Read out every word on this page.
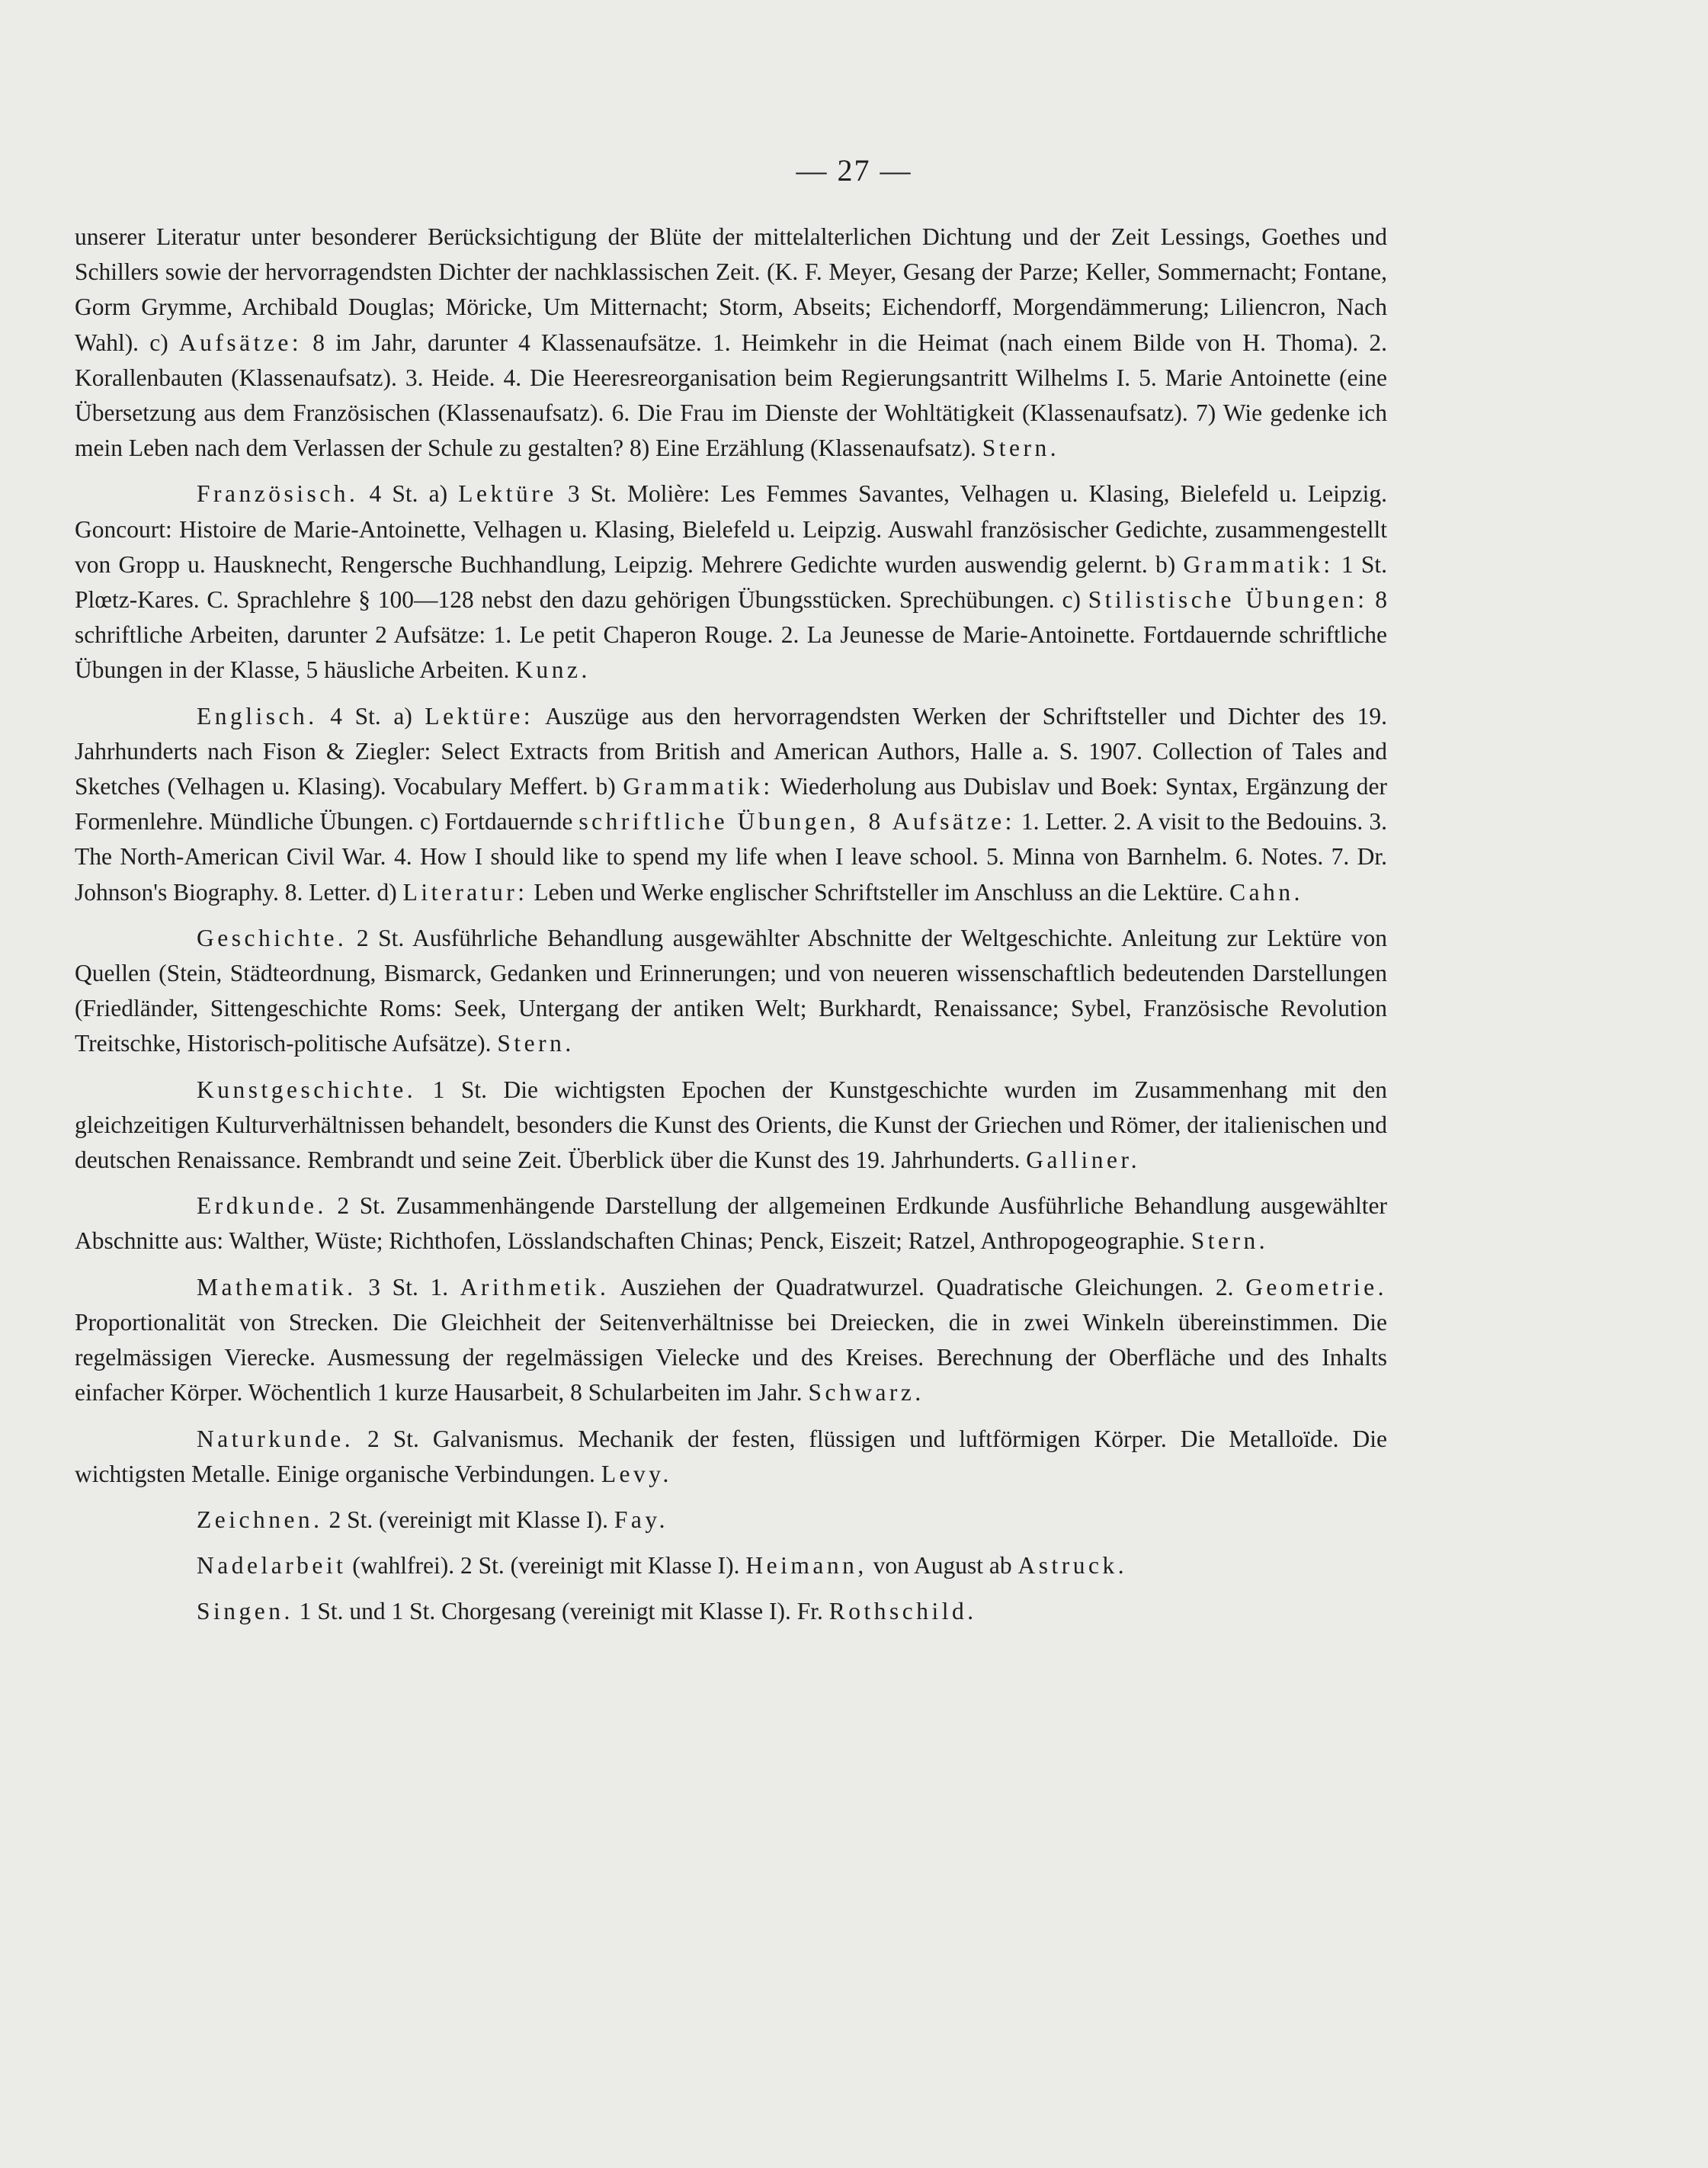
— 27 —

unserer Literatur unter besonderer Berücksichtigung der Blüte der mittelalterlichen Dichtung und der Zeit Lessings, Goethes und Schillers sowie der hervorragendsten Dichter der nachklassischen Zeit. (K. F. Meyer, Gesang der Parze; Keller, Sommernacht; Fontane, Gorm Grymme, Archibald Douglas; Möricke, Um Mitternacht; Storm, Abseits; Eichendorff, Morgendämmerung; Liliencron, Nach Wahl). c) Aufsätze: 8 im Jahr, darunter 4 Klassenaufsätze. 1. Heimkehr in die Heimat (nach einem Bilde von H. Thoma). 2. Korallenbauten (Klassenaufsatz). 3. Heide. 4. Die Heeresreorganisation beim Regierungsantritt Wilhelms I. 5. Marie Antoinette (eine Übersetzung aus dem Französischen (Klassenaufsatz). 6. Die Frau im Dienste der Wohltätigkeit (Klassenaufsatz). 7) Wie gedenke ich mein Leben nach dem Verlassen der Schule zu gestalten? 8) Eine Erzählung (Klassenaufsatz). Stern.

Französisch. 4 St. a) Lektüre 3 St. Molière: Les Femmes Savantes, Velhagen u. Klasing, Bielefeld u. Leipzig. Goncourt: Histoire de Marie-Antoinette, Velhagen u. Klasing, Bielefeld u. Leipzig. Auswahl französischer Gedichte, zusammengestellt von Gropp u. Hausknecht, Rengersche Buchhandlung, Leipzig. Mehrere Gedichte wurden auswendig gelernt. b) Grammatik: 1 St. Plœtz-Kares. C. Sprachlehre § 100—128 nebst den dazu gehörigen Übungsstücken. Sprechübungen. c) Stilistische Übungen: 8 schriftliche Arbeiten, darunter 2 Aufsätze: 1. Le petit Chaperon Rouge. 2. La Jeunesse de Marie-Antoinette. Fortdauernde schriftliche Übungen in der Klasse, 5 häusliche Arbeiten. Kunz.

Englisch. 4 St. a) Lektüre: Auszüge aus den hervorragendsten Werken der Schriftsteller und Dichter des 19. Jahrhunderts nach Fison & Ziegler: Select Extracts from British and American Authors, Halle a. S. 1907. Collection of Tales and Sketches (Velhagen u. Klasing). Vocabulary Meffert. b) Grammatik: Wiederholung aus Dubislav und Boek: Syntax, Ergänzung der Formenlehre. Mündliche Übungen. c) Fortdauernde schriftliche Übungen, 8 Aufsätze: 1. Letter. 2. A visit to the Bedouins. 3. The North-American Civil War. 4. How I should like to spend my life when I leave school. 5. Minna von Barnhelm. 6. Notes. 7. Dr. Johnson's Biography. 8. Letter. d) Literatur: Leben und Werke englischer Schriftsteller im Anschluss an die Lektüre. Cahn.

Geschichte. 2 St. Ausführliche Behandlung ausgewählter Abschnitte der Weltgeschichte. Anleitung zur Lektüre von Quellen (Stein, Städteordnung, Bismarck, Gedanken und Erinnerungen; und von neueren wissenschaftlich bedeutenden Darstellungen (Friedländer, Sittengeschichte Roms: Seek, Untergang der antiken Welt; Burkhardt, Renaissance; Sybel, Französische Revolution Treitschke, Historisch-politische Aufsätze). Stern.

Kunstgeschichte. 1 St. Die wichtigsten Epochen der Kunstgeschichte wurden im Zusammenhang mit den gleichzeitigen Kulturverhältnissen behandelt, besonders die Kunst des Orients, die Kunst der Griechen und Römer, der italienischen und deutschen Renaissance. Rembrandt und seine Zeit. Überblick über die Kunst des 19. Jahrhunderts. Galliner.

Erdkunde. 2 St. Zusammenhängende Darstellung der allgemeinen Erdkunde Ausführliche Behandlung ausgewählter Abschnitte aus: Walther, Wüste; Richthofen, Lösslandschaften Chinas; Penck, Eiszeit; Ratzel, Anthropogeographie. Stern.

Mathematik. 3 St. 1. Arithmetik. Ausziehen der Quadratwurzel. Quadratische Gleichungen. 2. Geometrie. Proportionalität von Strecken. Die Gleichheit der Seitenverhältnisse bei Dreiecken, die in zwei Winkeln übereinstimmen. Die regelmässigen Vierecke. Ausmessung der regelmässigen Vielecke und des Kreises. Berechnung der Oberfläche und des Inhalts einfacher Körper. Wöchentlich 1 kurze Hausarbeit, 8 Schularbeiten im Jahr. Schwarz.

Naturkunde. 2 St. Galvanismus. Mechanik der festen, flüssigen und luftförmigen Körper. Die Metalloïde. Die wichtigsten Metalle. Einige organische Verbindungen. Levy.

Zeichnen. 2 St. (vereinigt mit Klasse I). Fay.

Nadelarbeit (wahlfrei). 2 St. (vereinigt mit Klasse I). Heimann, von August ab Astruck.

Singen. 1 St. und 1 St. Chorgesang (vereinigt mit Klasse I). Fr. Rothschild.
